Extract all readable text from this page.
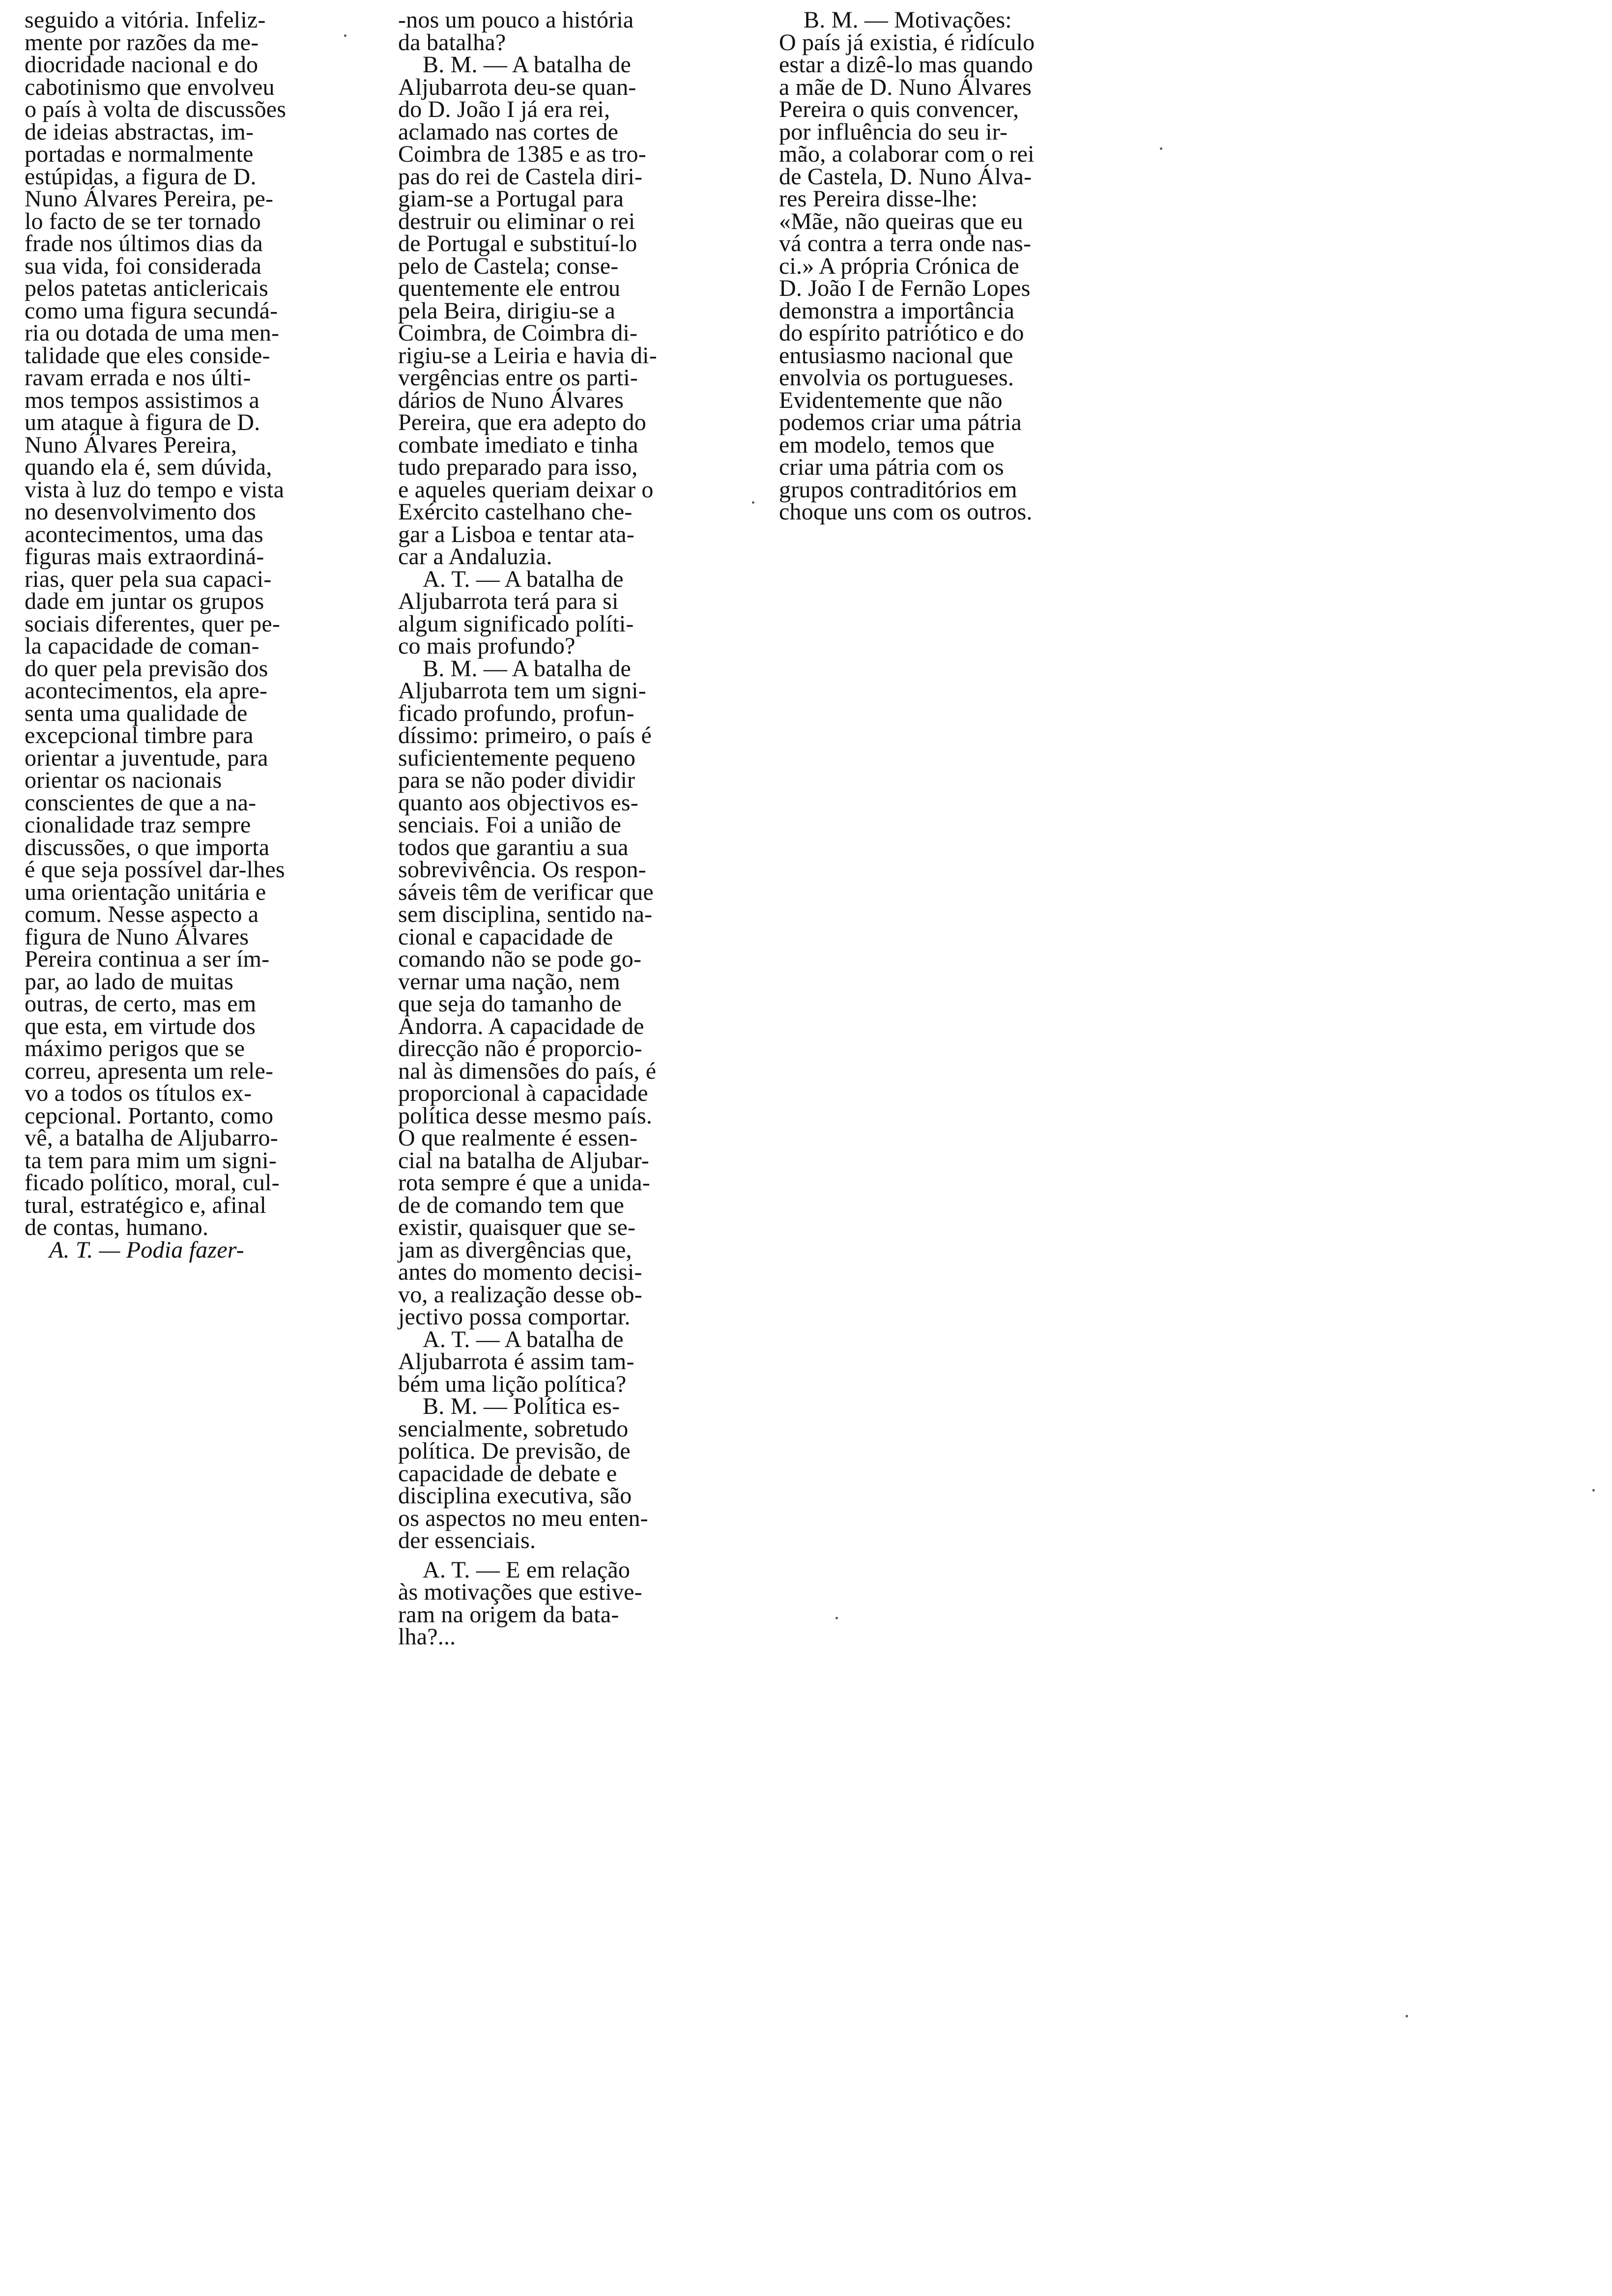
seguido a vitória. Infeliz-
mente por razões da me-
diocridade nacional e do
cabotinismo que envolveu
o país à volta de discussões
de ideias abstractas, im-
portadas e normalmente
estúpidas, a figura de D.
Nuno Álvares Pereira, pe-
lo facto de se ter tornado
frade nos últimos dias da
sua vida, foi considerada
pelos patetas anticlericais
como uma figura secundá-
ria ou dotada de uma men-
talidade que eles conside-
ravam errada e nos últi-
mos tempos assistimos a
um ataque à figura de D.
Nuno Álvares Pereira,
quando ela é, sem dúvida,
vista à luz do tempo e vista
no desenvolvimento dos
acontecimentos, uma das
figuras mais extraordiná-
rias, quer pela sua capaci-
dade em juntar os grupos
sociais diferentes, quer pe-
la capacidade de coman-
do quer pela previsão dos
acontecimentos, ela apre-
senta uma qualidade de
excepcional timbre para
orientar a juventude, para
orientar os nacionais
conscientes de que a na-
cionalidade traz sempre
discussões, o que importa
é que seja possível dar-lhes
uma orientação unitária e
comum. Nesse aspecto a
figura de Nuno Álvares
Pereira continua a ser ím-
par, ao lado de muitas
outras, de certo, mas em
que esta, em virtude dos
máximo perigos que se
correu, apresenta um rele-
vo a todos os títulos ex-
cepcional. Portanto, como
vê, a batalha de Aljubarro-
ta tem para mim um signi-
ficado político, moral, cul-
tural, estratégico e, afinal
de contas, humano.
A. T. — Podia fazer-
-nos um pouco a história
da batalha?
B. M. — A batalha de
Aljubarrota deu-se quan-
do D. João I já era rei,
aclamado nas cortes de
Coimbra de 1385 e as tro-
pas do rei de Castela diri-
giam-se a Portugal para
destruir ou eliminar o rei
de Portugal e substituí-lo
pelo de Castela; conse-
quentemente ele entrou
pela Beira, dirigiu-se a
Coimbra, de Coimbra di-
rigiu-se a Leiria e havia di-
vergências entre os parti-
dários de Nuno Álvares
Pereira, que era adepto do
combate imediato e tinha
tudo preparado para isso,
e aqueles queriam deixar o
Exército castelhano che-
gar a Lisboa e tentar ata-
car a Andaluzia.
A. T. — A batalha de
Aljubarrota terá para si
algum significado políti-
co mais profundo?
B. M. — A batalha de
Aljubarrota tem um signi-
ficado profundo, profun-
díssimo: primeiro, o país é
suficientemente pequeno
para se não poder dividir
quanto aos objectivos es-
senciais. Foi a união de
todos que garantiu a sua
sobrevivência. Os respon-
sáveis têm de verificar que
sem disciplina, sentido na-
cional e capacidade de
comando não se pode go-
vernar uma nação, nem
que seja do tamanho de
Andorra. A capacidade de
direcção não é proporcio-
nal às dimensões do país, é
proporcional à capacidade
política desse mesmo país.
O que realmente é essen-
cial na batalha de Aljubar-
rota sempre é que a unida-
de de comando tem que
existir, quaisquer que se-
jam as divergências que,
antes do momento decisi-
vo, a realização desse ob-
jectivo possa comportar.
A. T. — A batalha de
Aljubarrota é assim tam-
bém uma lição política?
B. M. — Política es-
sencialmente, sobretudo
política. De previsão, de
capacidade de debate e
disciplina executiva, são
os aspectos no meu enten-
der essenciais.
A. T. — E em relação
às motivações que estive-
ram na origem da bata-
lha?...
B. M. — Motivações:
O país já existia, é ridículo
estar a dizê-lo mas quando
a mãe de D. Nuno Álvares
Pereira o quis convencer,
por influência do seu ir-
mão, a colaborar com o rei
de Castela, D. Nuno Álva-
res Pereira disse-lhe:
«Mãe, não queiras que eu
vá contra a terra onde nas-
ci.» A própria Crónica de
D. João I de Fernão Lopes
demonstra a importância
do espírito patriótico e do
entusiasmo nacional que
envolvia os portugueses.
Evidentemente que não
podemos criar uma pátria
em modelo, temos que
criar uma pátria com os
grupos contraditórios em
choque uns com os outros.
